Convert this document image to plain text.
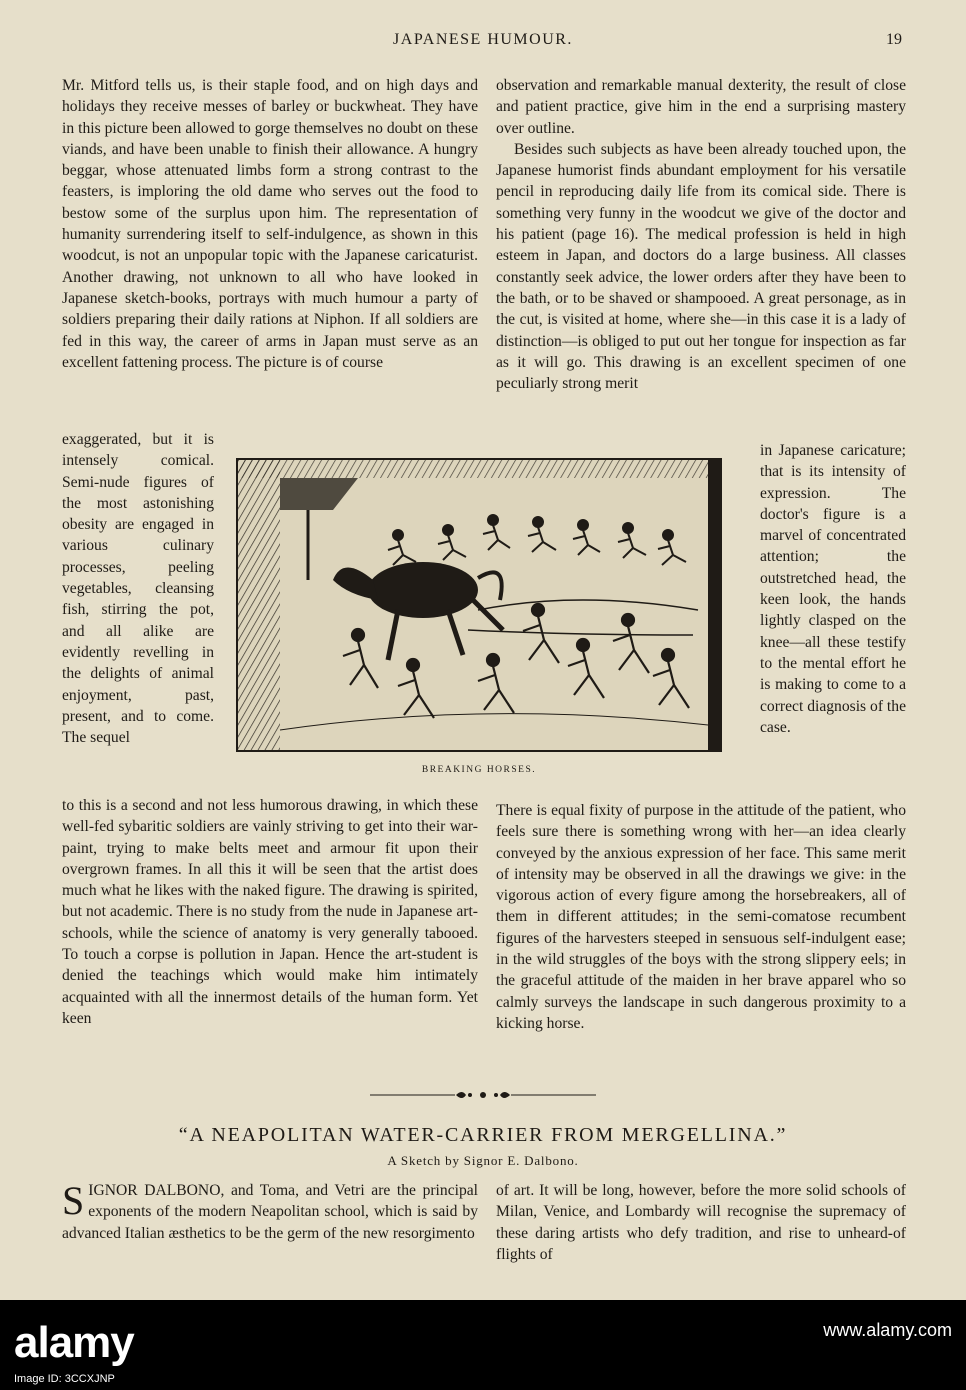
JAPANESE HUMOUR.	19

Mr. Mitford tells us, is their staple food, and on high days and holidays they receive messes of barley or buckwheat. They have in this picture been allowed to gorge themselves no doubt on these viands, and have been unable to finish their allowance. A hungry beggar, whose attenuated limbs form a strong contrast to the feasters, is imploring the old dame who serves out the food to bestow some of the surplus upon him. The representation of humanity surrendering itself to self-indulgence, as shown in this woodcut, is not an unpopular topic with the Japanese caricaturist. Another drawing, not unknown to all who have looked in Japanese sketch-books, portrays with much humour a party of soldiers preparing their daily rations at Niphon. If all soldiers are fed in this way, the career of arms in Japan must serve as an excellent fattening process. The picture is of course

exaggerated, but it is intensely comical. Semi-nude figures of the most astonishing obesity are engaged in various culinary processes, peeling vegetables, cleansing fish, stirring the pot, and all alike are evidently revelling in the delights of animal enjoyment, past, present, and to come. The sequel

to this is a second and not less humorous drawing, in which these well-fed sybaritic soldiers are vainly striving to get into their war-paint, trying to make belts meet and armour fit upon their overgrown frames. In all this it will be seen that the artist does much what he likes with the naked figure. The drawing is spirited, but not academic. There is no study from the nude in Japanese art-schools, while the science of anatomy is very generally tabooed. To touch a corpse is pollution in Japan. Hence the art-student is denied the teachings which would make him intimately acquainted with all the innermost details of the human form. Yet keen

observation and remarkable manual dexterity, the result of close and patient practice, give him in the end a surprising mastery over outline.

Besides such subjects as have been already touched upon, the Japanese humorist finds abundant employment for his versatile pencil in reproducing daily life from its comical side. There is something very funny in the woodcut we give of the doctor and his patient (page 16). The medical profession is held in high esteem in Japan, and doctors do a large business. All classes constantly seek advice, the lower orders after they have been to the bath, or to be shaved or shampooed. A great personage, as in the cut, is visited at home, where she—in this case it is a lady of distinction—is obliged to put out her tongue for inspection as far as it will go. This drawing is an excellent specimen of one peculiarly strong merit

in Japanese caricature; that is its intensity of expression. The doctor's figure is a marvel of concentrated attention; the outstretched head, the keen look, the hands lightly clasped on the knee—all these testify to the mental effort he is making to come to a correct diagnosis of the case.

There is equal fixity of purpose in the attitude of the patient, who feels sure there is something wrong with her—an idea clearly conveyed by the anxious expression of her face. This same merit of intensity may be observed in all the drawings we give: in the vigorous action of every figure among the horsebreakers, all of them in different attitudes; in the semi-comatose recumbent figures of the harvesters steeped in sensuous self-indulgent ease; in the wild struggles of the boys with the strong slippery eels; in the graceful attitude of the maiden in her brave apparel who so calmly surveys the landscape in such dangerous proximity to a kicking horse.

BREAKING HORSES.
“A NEAPOLITAN WATER-CARRIER FROM MERGELLINA.”
A Sketch by Signor E. Dalbono.

SIGNOR DALBONO, and Toma, and Vetri are the principal exponents of the modern Neapolitan school, which is said by advanced Italian æsthetics to be the germ of the new resorgimento

of art. It will be long, however, before the more solid schools of Milan, Venice, and Lombardy will recognise the supremacy of these daring artists who defy tradition, and rise to unheard-of flights of

alamy
Image ID: 3CCXJNP
www.alamy.com
